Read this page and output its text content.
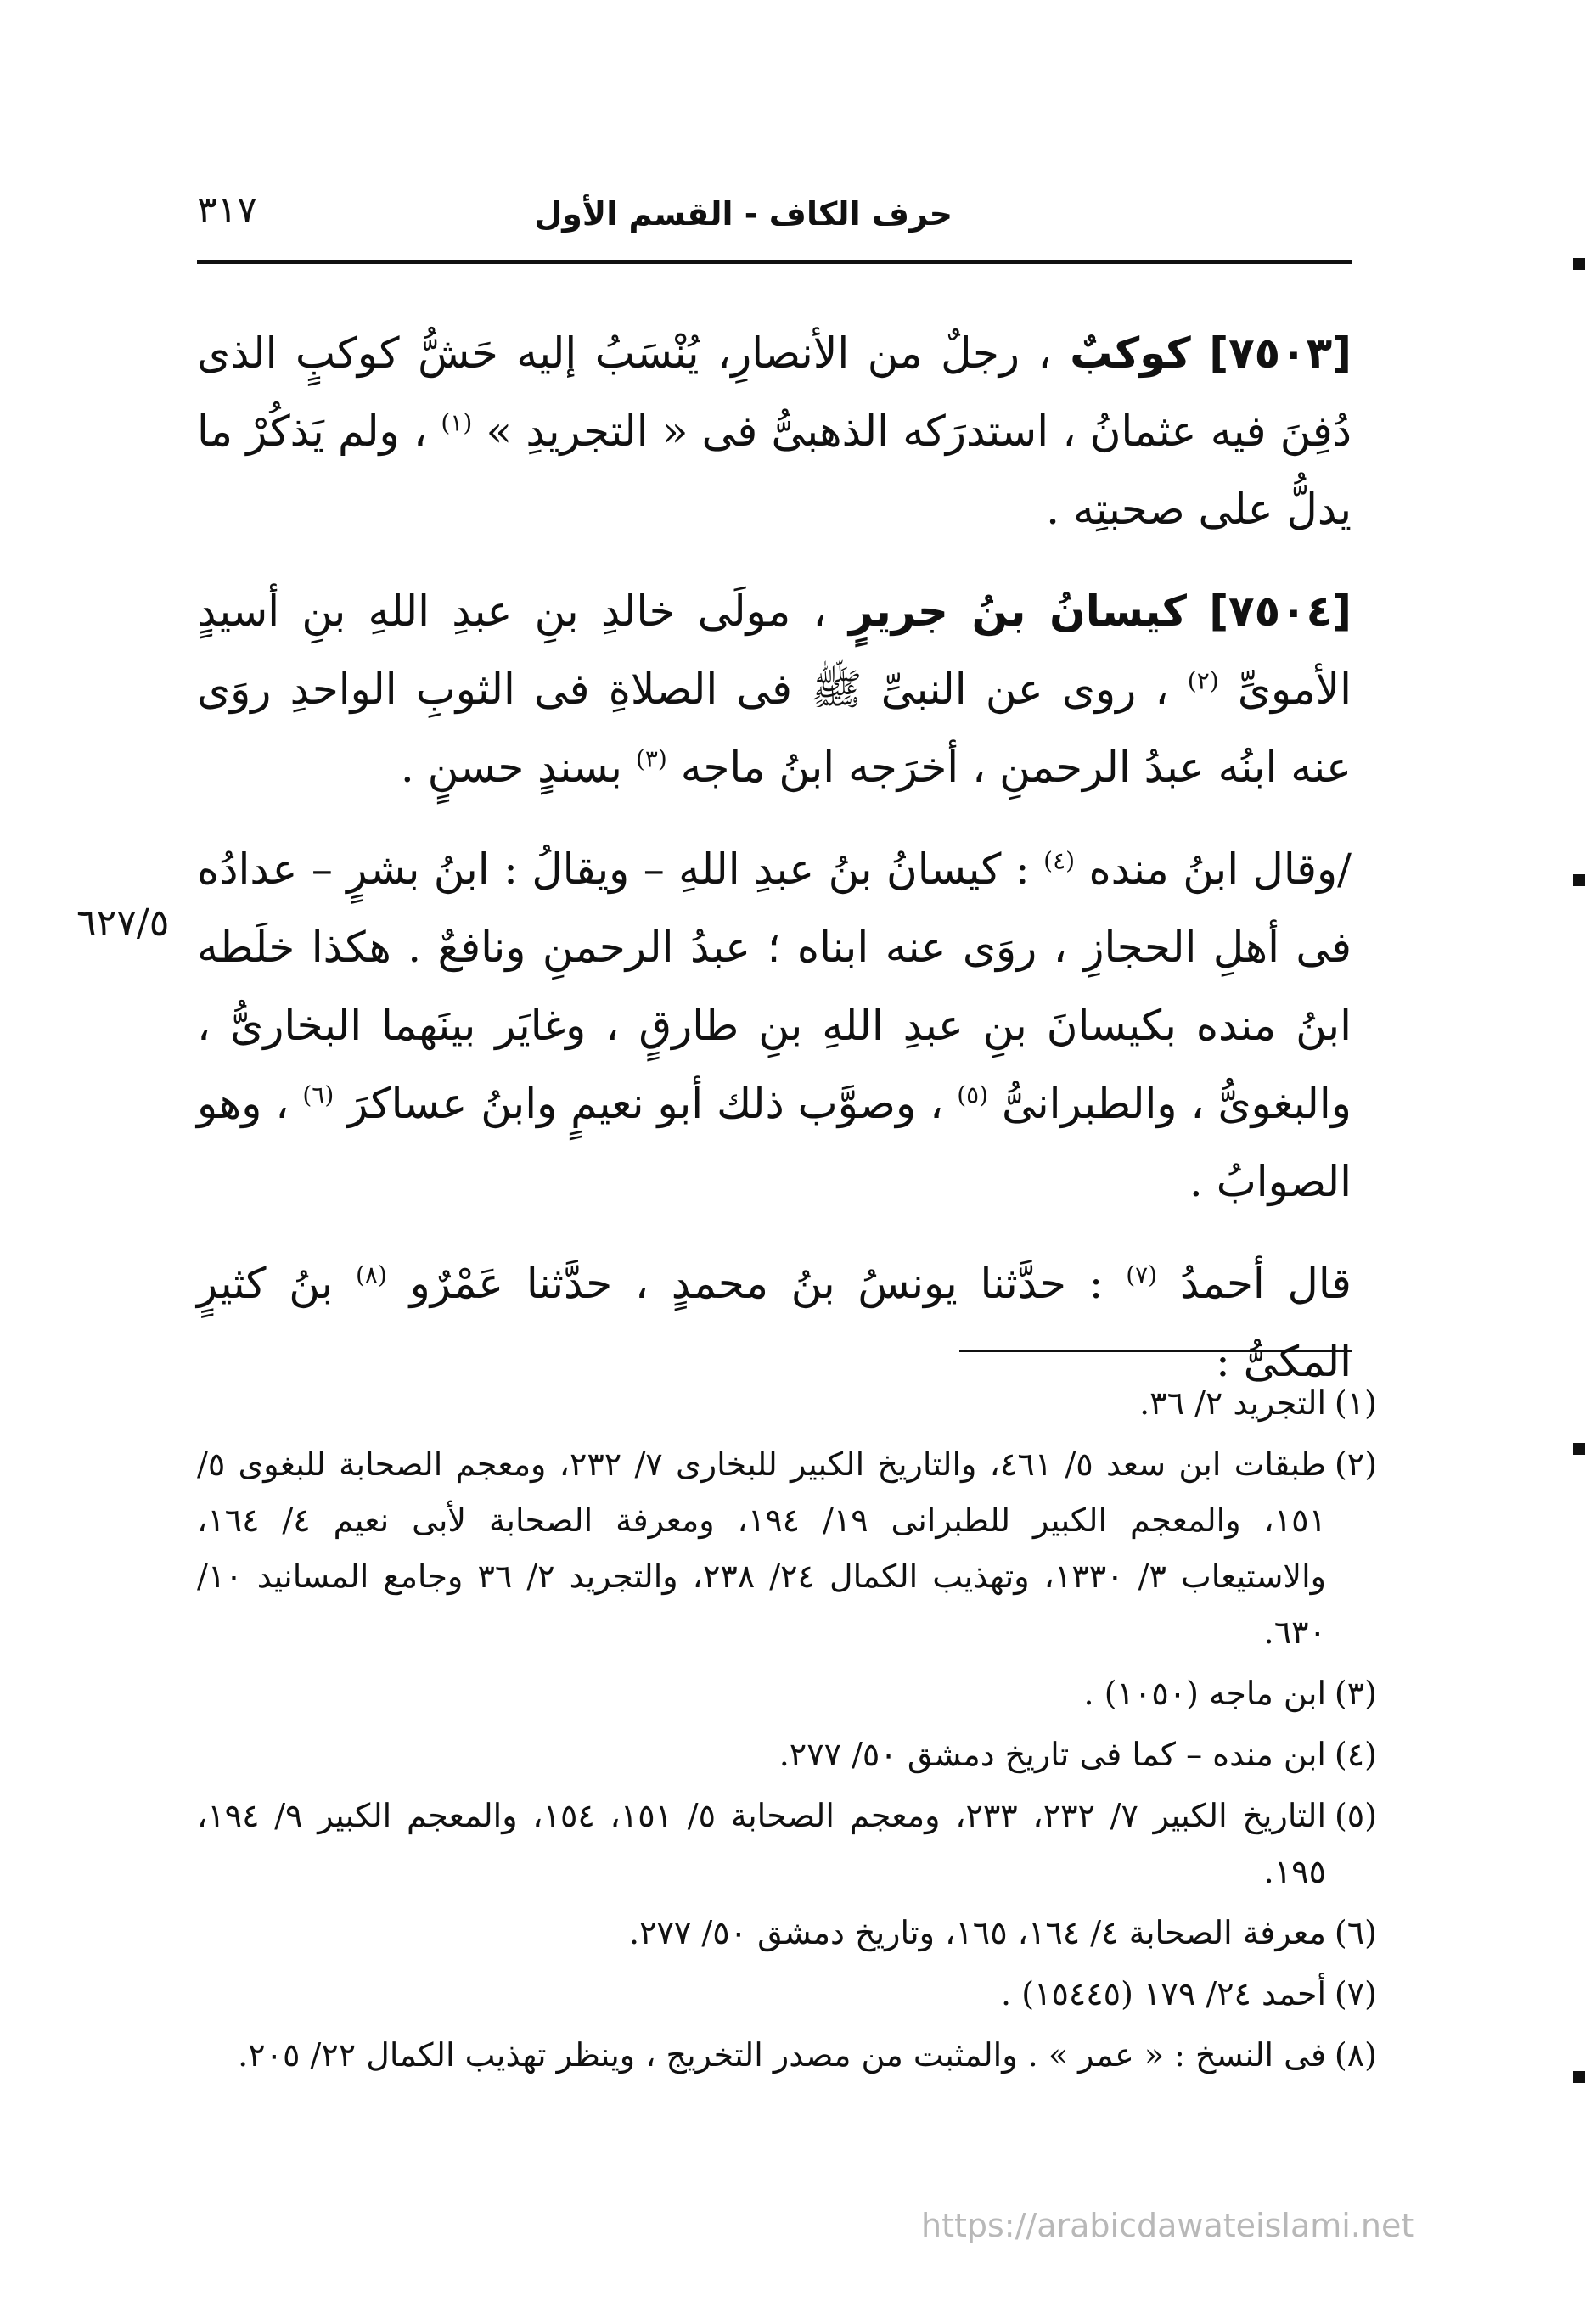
حرف الكاف - القسم الأول
٣١٧

[٧٥٠٣] كوكبٌ ، رجلٌ من الأنصارِ، يُنْسَبُ إليه حَشُّ كوكبٍ الذى دُفِنَ فيه عثمانُ ، استدرَكه الذهبىُّ فى « التجريدِ » $^{(١)}$ ، ولم يَذكُرْ ما يدلُّ على صحبتِه .

[٧٥٠٤] كيسانُ بنُ جريرٍ ، مولَى خالدِ بنِ عبدِ اللهِ بنِ أسيدٍ الأموىِّ $^{(٢)}$ ، روى عن النبىِّ ﷺ فى الصلاةِ فى الثوبِ الواحدِ روَى عنه ابنُه عبدُ الرحمنِ ، أخرَجه ابنُ ماجه $^{(٣)}$ بسندٍ حسنٍ .

/وقال ابنُ منده $^{(٤)}$ : كيسانُ بنُ عبدِ اللهِ – ويقالُ : ابنُ بشرٍ – عدادُه فى أهلِ الحجازِ ، روَى عنه ابناه ؛ عبدُ الرحمنِ ونافعٌ . هكذا خلَطه ابنُ منده بكيسانَ بنِ عبدِ اللهِ بنِ طارقٍ ، وغايَر بينَهما البخارىُّ ، والبغوىُّ ، والطبرانىُّ $^{(٥)}$ ، وصوَّب ذلك أبو نعيمٍ وابنُ عساكرَ $^{(٦)}$ ، وهو الصوابُ .

قال أحمدُ $^{(٧)}$ : حدَّثنا يونسُ بنُ محمدٍ ، حدَّثنا عَمْرٌو $^{(٨)}$ بنُ كثيرٍ المكىُّ :

٦٢٧/٥

(١)التجريد ٢/ ٣٦.

(٢)طبقات ابن سعد ٥/ ٤٦١، والتاريخ الكبير للبخارى ٧/ ٢٣٢، ومعجم الصحابة للبغوى ٥/ ١٥١، والمعجم الكبير للطبرانى ١٩/ ١٩٤، ومعرفة الصحابة لأبى نعيم ٤/ ١٦٤، والاستيعاب ٣/ ١٣٣٠، وتهذيب الكمال ٢٤/ ٢٣٨، والتجريد ٢/ ٣٦ وجامع المسانيد ١٠/ ٦٣٠.

(٣)ابن ماجه (١٠٥٠) .

(٤)ابن منده – كما فى تاريخ دمشق ٥٠/ ٢٧٧.

(٥)التاريخ الكبير ٧/ ٢٣٢، ٢٣٣، ومعجم الصحابة ٥/ ١٥١، ١٥٤، والمعجم الكبير ٩/ ١٩٤، ١٩٥.

(٦)معرفة الصحابة ٤/ ١٦٤، ١٦٥، وتاريخ دمشق ٥٠/ ٢٧٧.

(٧)أحمد ٢٤/ ١٧٩ (١٥٤٤٥) .

(٨)فى النسخ : « عمر » . والمثبت من مصدر التخريج ، وينظر تهذيب الكمال ٢٢/ ٢٠٥.

https://arabicdawateislami.net
